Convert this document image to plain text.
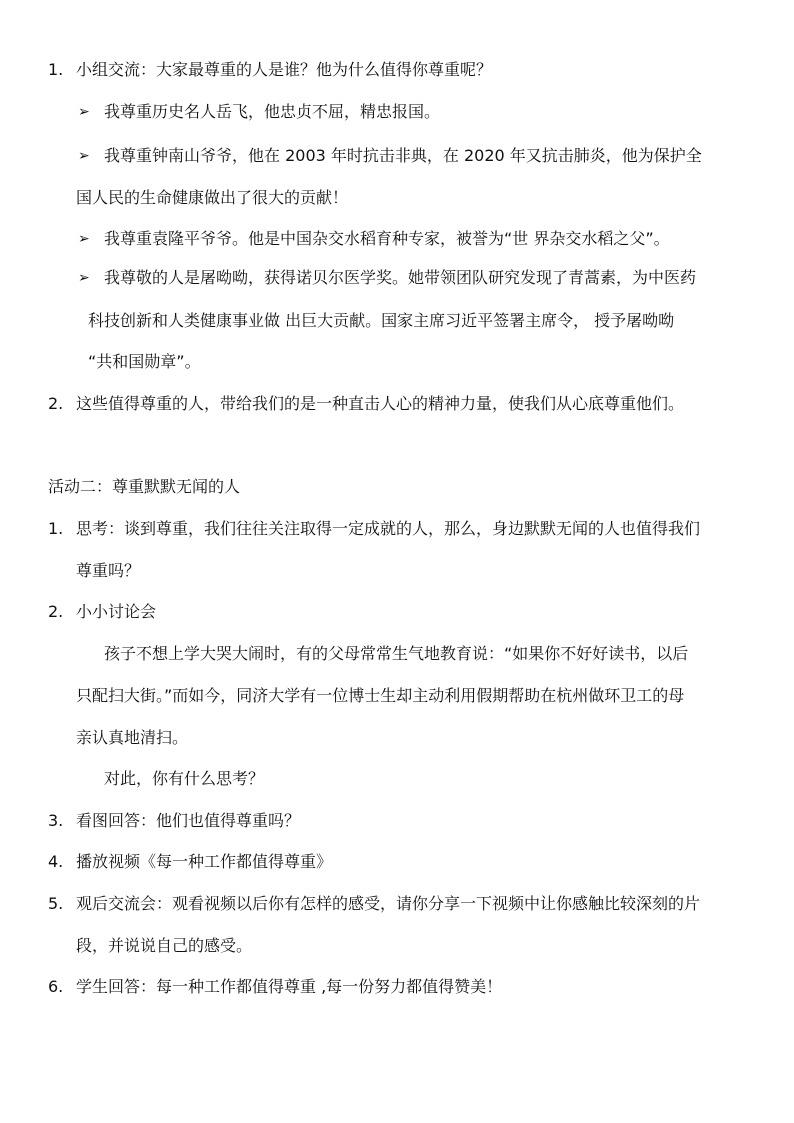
1. 小组交流：大家最尊重的人是谁？他为什么值得你尊重呢？
➢ 我尊重历史名人岳飞，他忠贞不屈，精忠报国。
➢ 我尊重钟南山爷爷，他在 2003 年时抗击非典，在 2020 年又抗击肺炎，他为保护全
国人民的生命健康做出了很大的贡献！
➢ 我尊重袁隆平爷爷。他是中国杂交水稻育种专家，被誉为“世 界杂交水稻之父”。
➢ 我尊敬的人是屠呦呦，获得诺贝尔医学奖。她带领团队研究发现了青蒿素，为中医药
科技创新和人类健康事业做 出巨大贡献。国家主席习近平签署主席令， 授予屠呦呦
“共和国勋章”。
2. 这些值得尊重的人，带给我们的是一种直击人心的精神力量，使我们从心底尊重他们。
活动二：尊重默默无闻的人
1. 思考：谈到尊重，我们往往关注取得一定成就的人，那么，身边默默无闻的人也值得我们
尊重吗？
2. 小小讨论会
孩子不想上学大哭大闹时，有的父母常常生气地教育说：“如果你不好好读书，以后
只配扫大街。”而如今，同济大学有一位博士生却主动利用假期帮助在杭州做环卫工的母
亲认真地清扫。
对此，你有什么思考？
3. 看图回答：他们也值得尊重吗？
4. 播放视频《每一种工作都值得尊重》
5. 观后交流会：观看视频以后你有怎样的感受，请你分享一下视频中让你感触比较深刻的片
段，并说说自己的感受。
6. 学生回答：每一种工作都值得尊重 ,每一份努力都值得赞美！
